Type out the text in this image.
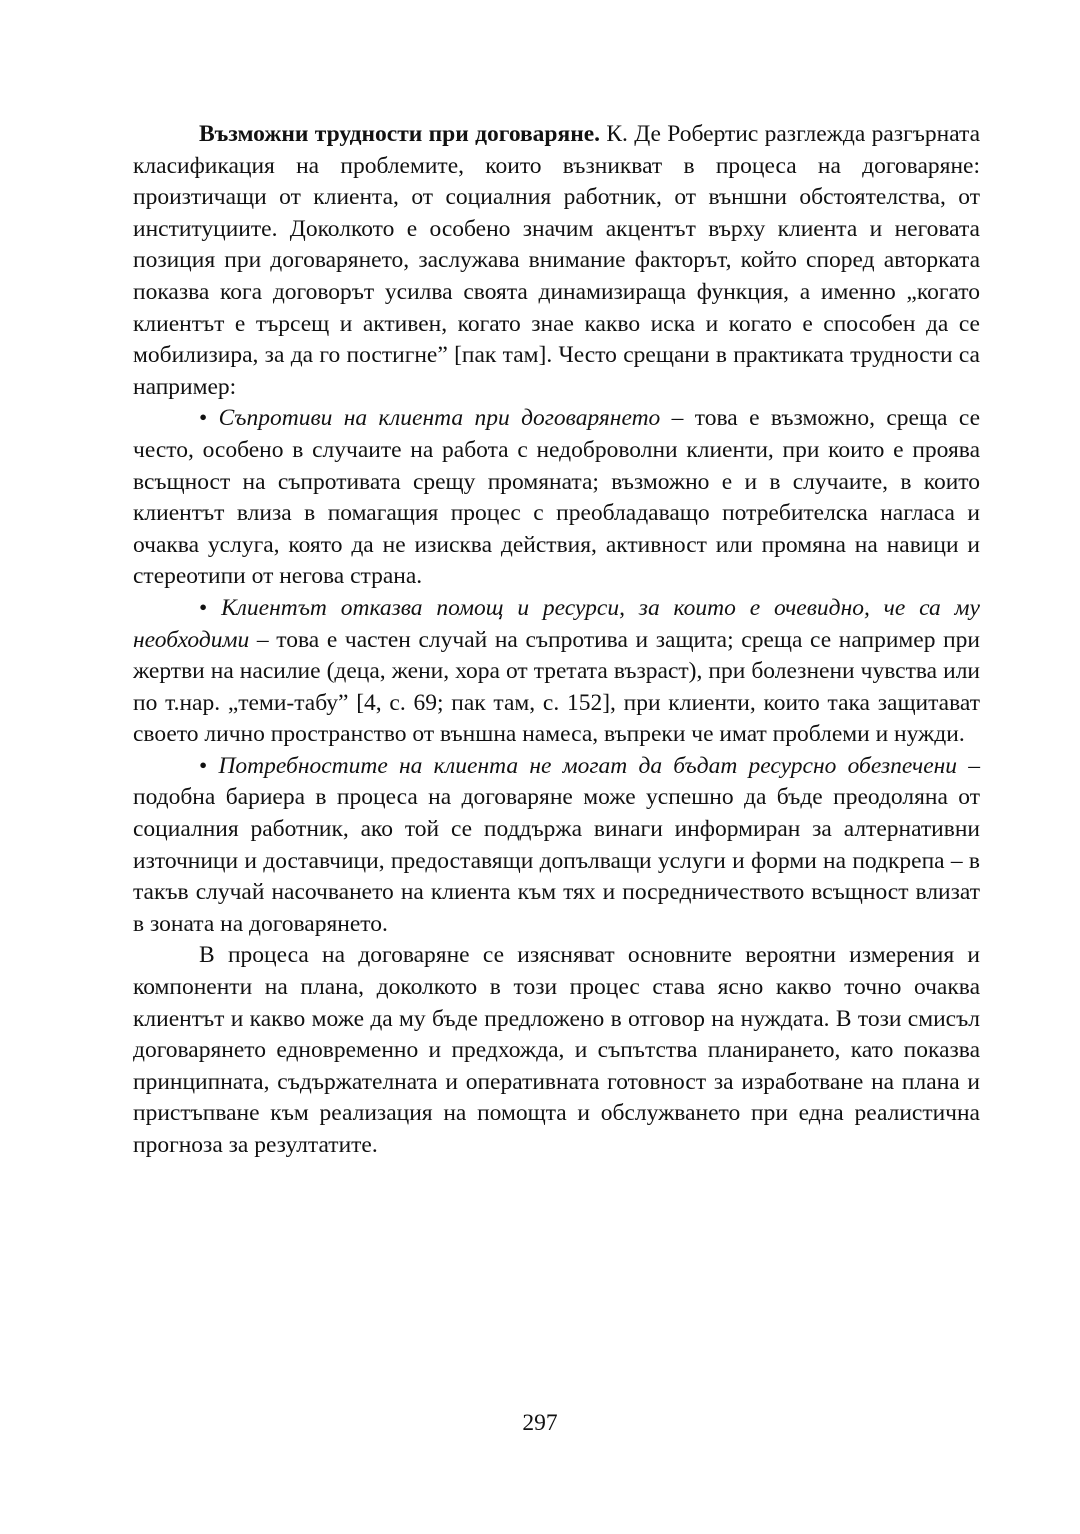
Възможни трудности при договаряне. К. Де Робертис разглежда разгърната класификация на проблемите, които възникват в процеса на договаряне: произтичащи от клиента, от социалния работник, от външни обстоятелства, от институциите. Доколкото е особено значим акцентът върху клиента и неговата позиция при договарянето, заслужава внимание факторът, който според авторката показва кога договорът усилва своята динамизираща функция, а именно „когато клиентът е търсещ и активен, когато знае какво иска и когато е способен да се мобилизира, за да го постигне” [пак там]. Често срещани в практиката трудности са например:

• Съпротиви на клиента при договарянето – това е възможно, среща се често, особено в случаите на работа с недоброволни клиенти, при които е проява всъщност на съпротивата срещу промяната; възможно е и в случаите, в които клиентът влиза в помагащия процес с преобладаващо потребителска нагласа и очаква услуга, която да не изисква действия, активност или промяна на навици и стереотипи от негова страна.

• Клиентът отказва помощ и ресурси, за които е очевидно, че са му необходими – това е частен случай на съпротива и защита; среща се например при жертви на насилие (деца, жени, хора от третата възраст), при болезнени чувства или по т.нар. „теми-табу” [4, с. 69; пак там, с. 152], при клиенти, които така защитават своето лично пространство от външна намеса, въпреки че имат проблеми и нужди.

• Потребностите на клиента не могат да бъдат ресурсно обезпечени – подобна бариера в процеса на договаряне може успешно да бъде преодоляна от социалния работник, ако той се поддържа винаги информиран за алтернативни източници и доставчици, предоставящи допълващи услуги и форми на подкрепа – в такъв случай насочването на клиента към тях и посредничеството всъщност влизат в зоната на договарянето.

В процеса на договаряне се изясняват основните вероятни измерения и компоненти на плана, доколкото в този процес става ясно какво точно очаква клиентът и какво може да му бъде предложено в отговор на нуждата. В този смисъл договарянето едновременно и предхожда, и съпътства планирането, като показва принципната, съдържателната и оперативната готовност за изработване на плана и пристъпване към реализация на помощта и обслужването при една реалистична прогноза за резултатите.

297
